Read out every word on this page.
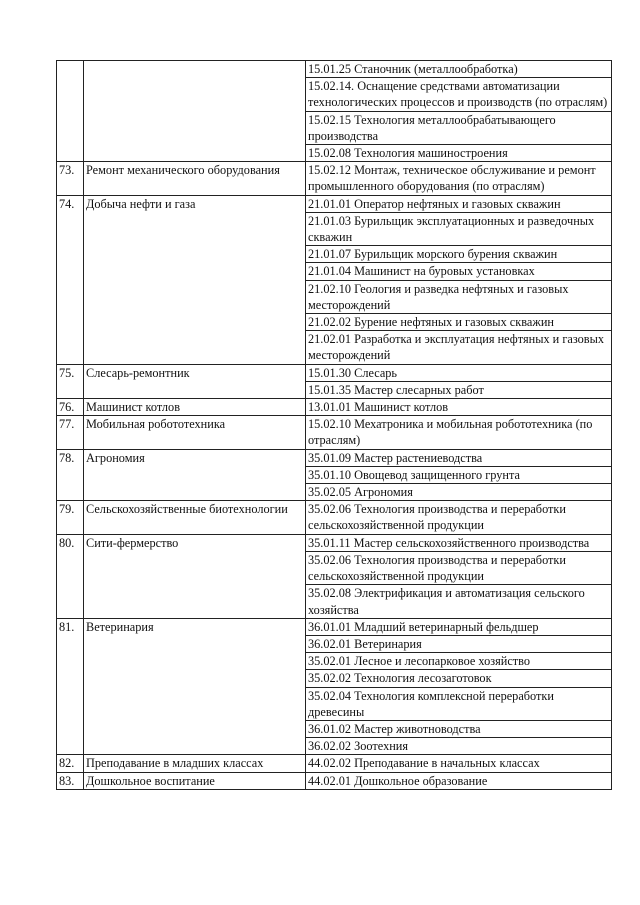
		15.01.25 Станочник (металлообработка)
		15.02.14. Оснащение средствами автоматизации технологических процессов и производств (по отраслям)
		15.02.15 Технология металлообрабатывающего производства
		15.02.08 Технология машиностроения
73.	Ремонт механического оборудования	15.02.12 Монтаж, техническое обслуживание и ремонт промышленного оборудования (по отраслям)
74.	Добыча нефти и газа	21.01.01 Оператор нефтяных и газовых скважин
		21.01.03 Бурильщик эксплуатационных и разведочных скважин
		21.01.07 Бурильщик морского бурения скважин
		21.01.04 Машинист на буровых установках
		21.02.10 Геология и разведка нефтяных и газовых месторождений
		21.02.02 Бурение нефтяных и газовых скважин
		21.02.01 Разработка и эксплуатация нефтяных и газовых месторождений
75.	Слесарь-ремонтник	15.01.30 Слесарь
		15.01.35 Мастер слесарных работ
76.	Машинист котлов	13.01.01 Машинист котлов
77.	Мобильная робототехника	15.02.10 Мехатроника и мобильная робототехника (по отраслям)
78.	Агрономия	35.01.09 Мастер растениеводства
		35.01.10 Овощевод защищенного грунта
		35.02.05 Агрономия
79.	Сельскохозяйственные биотехнологии	35.02.06 Технология производства и переработки сельскохозяйственной продукции
80.	Сити-фермерство	35.01.11 Мастер сельскохозяйственного производства
		35.02.06 Технология производства и переработки сельскохозяйственной продукции
		35.02.08 Электрификация и автоматизация сельского хозяйства
81.	Ветеринария	36.01.01 Младший ветеринарный фельдшер
		36.02.01 Ветеринария
		35.02.01 Лесное и лесопарковое хозяйство
		35.02.02 Технология лесозаготовок
		35.02.04 Технология комплексной переработки древесины
		36.01.02 Мастер животноводства
		36.02.02 Зоотехния
82.	Преподавание в младших классах	44.02.02 Преподавание в начальных классах
83.	Дошкольное воспитание	44.02.01 Дошкольное образование
